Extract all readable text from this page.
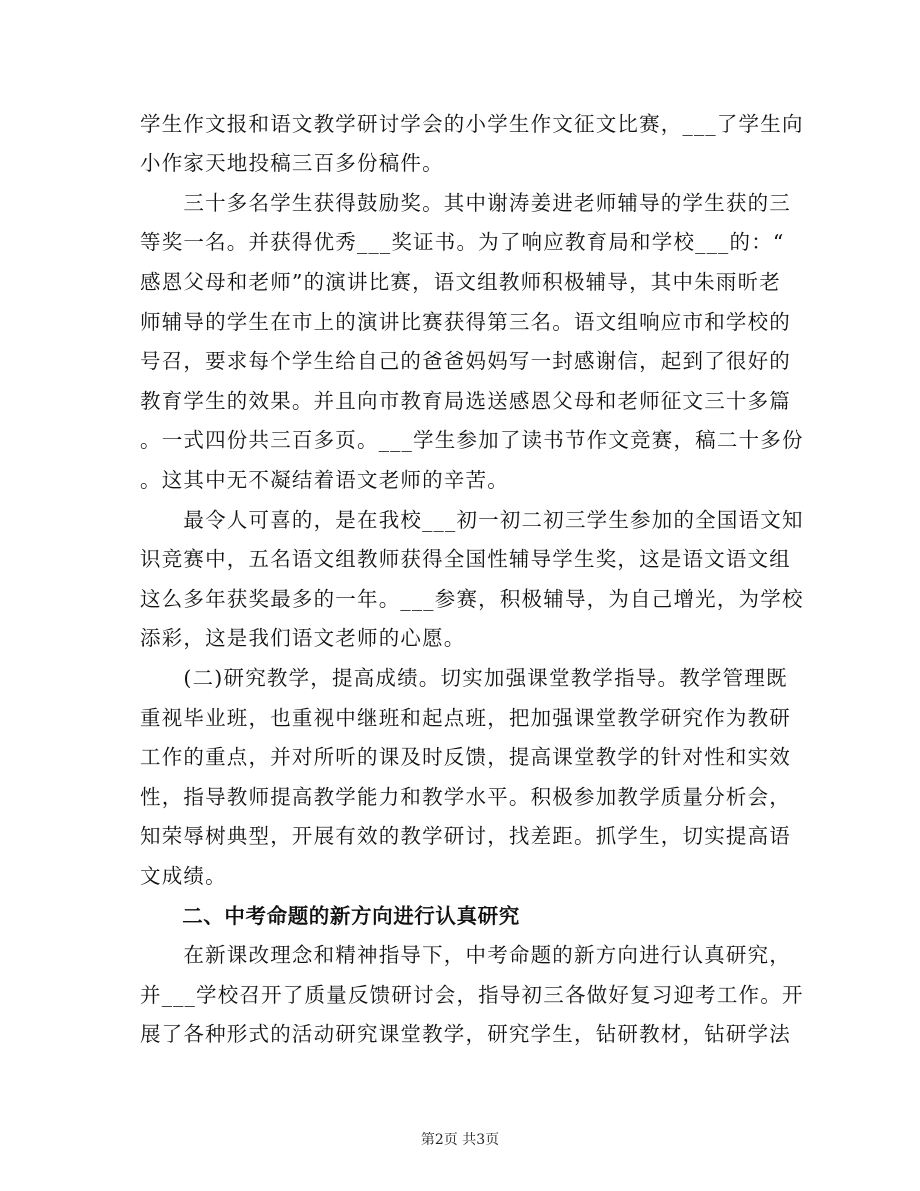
学生作文报和语文教学研讨学会的小学生作文征文比赛，___了学生向
小作家天地投稿三百多份稿件。
　　三十多名学生获得鼓励奖。其中谢涛姜进老师辅导的学生获的三
等奖一名。并获得优秀___奖证书。为了响应教育局和学校___的：“
感恩父母和老师”的演讲比赛，语文组教师积极辅导，其中朱雨昕老
师辅导的学生在市上的演讲比赛获得第三名。语文组响应市和学校的
号召，要求每个学生给自己的爸爸妈妈写一封感谢信，起到了很好的
教育学生的效果。并且向市教育局选送感恩父母和老师征文三十多篇
。一式四份共三百多页。___学生参加了读书节作文竞赛，稿二十多份
。这其中无不凝结着语文老师的辛苦。
　　最令人可喜的，是在我校___初一初二初三学生参加的全国语文知
识竞赛中，五名语文组教师获得全国性辅导学生奖，这是语文语文组
这么多年获奖最多的一年。___参赛，积极辅导，为自己增光，为学校
添彩，这是我们语文老师的心愿。
　　(二)研究教学，提高成绩。切实加强课堂教学指导。教学管理既
重视毕业班，也重视中继班和起点班，把加强课堂教学研究作为教研
工作的重点，并对所听的课及时反馈，提高课堂教学的针对性和实效
性，指导教师提高教学能力和教学水平。积极参加教学质量分析会，
知荣辱树典型，开展有效的教学研讨，找差距。抓学生，切实提高语
文成绩。
　　二、中考命题的新方向进行认真研究
　　在新课改理念和精神指导下，中考命题的新方向进行认真研究，
并___学校召开了质量反馈研讨会，指导初三各做好复习迎考工作。开
展了各种形式的活动研究课堂教学，研究学生，钻研教材，钻研学法
第2页 共3页
